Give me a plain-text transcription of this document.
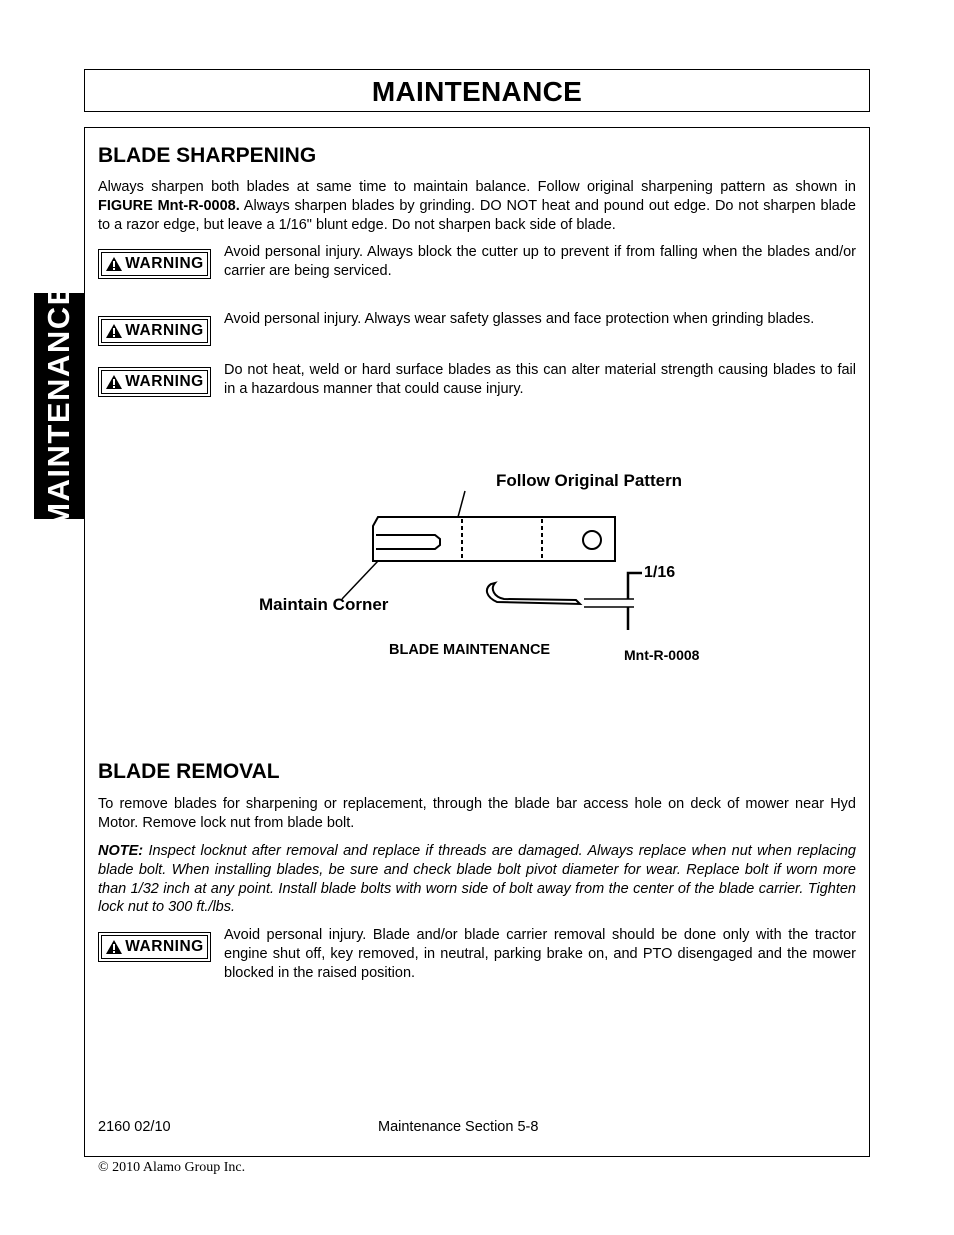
MAINTENANCE
MAINTENANCE
BLADE SHARPENING
Always sharpen both blades at same time to maintain balance. Follow original sharpening pattern as shown in FIGURE Mnt-R-0008. Always sharpen blades by grinding. DO NOT heat and pound out edge. Do not sharpen blade to a razor edge, but leave a 1/16" blunt edge. Do not sharpen back side of blade.
WARNING
Avoid personal injury. Always block the cutter up to prevent if from falling when the blades and/or carrier are being serviced.
WARNING
Avoid personal injury. Always wear safety glasses and face protection when grinding blades.
WARNING
Do not heat, weld or hard surface blades as this can alter material strength causing blades to fail in a hazardous manner that could cause injury.
Follow Original Pattern
Maintain Corner
1/16
BLADE MAINTENANCE	Mnt-R-0008
BLADE REMOVAL
To remove blades for sharpening or replacement, through the blade bar access hole on deck of mower near Hyd Motor. Remove lock nut from blade bolt.
NOTE: Inspect locknut after removal and replace if threads are damaged. Always replace when nut when replacing blade bolt. When installing blades, be sure and check blade bolt pivot diameter for wear. Replace bolt if worn more than 1/32 inch at any point. Install blade bolts with worn side of bolt away from the center of the blade carrier. Tighten lock nut to 300 ft./lbs.
WARNING
Avoid personal injury. Blade and/or blade carrier removal should be done only with the tractor engine shut off, key removed, in neutral, parking brake on, and PTO disengaged and the mower blocked in the raised position.
2160 02/10	Maintenance Section 5-8
© 2010 Alamo Group Inc.
